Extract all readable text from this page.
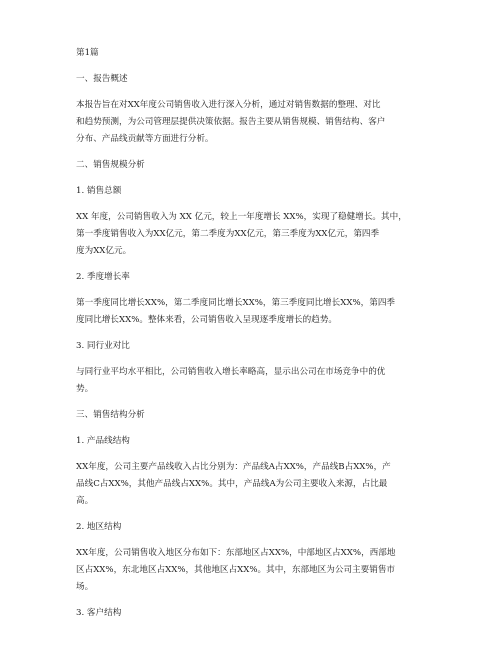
第1篇
一、报告概述
本报告旨在对XX年度公司销售收入进行深入分析，通过对销售数据的整理、对比
和趋势预测，为公司管理层提供决策依据。报告主要从销售规模、销售结构、客户
分布、产品线贡献等方面进行分析。
二、销售规模分析
1. 销售总额
XX 年度，公司销售收入为 XX 亿元，较上一年度增长 XX%，实现了稳健增长。其中，
第一季度销售收入为XX亿元，第二季度为XX亿元，第三季度为XX亿元，第四季
度为XX亿元。
2. 季度增长率
第一季度同比增长XX%，第二季度同比增长XX%，第三季度同比增长XX%，第四季
度同比增长XX%。整体来看，公司销售收入呈现逐季度增长的趋势。
3. 同行业对比
与同行业平均水平相比，公司销售收入增长率略高，显示出公司在市场竞争中的优
势。
三、销售结构分析
1. 产品线结构
XX年度，公司主要产品线收入占比分别为：产品线A占XX%，产品线B占XX%，产
品线C占XX%，其他产品线占XX%。其中，产品线A为公司主要收入来源，占比最
高。
2. 地区结构
XX年度，公司销售收入地区分布如下：东部地区占XX%，中部地区占XX%，西部地
区占XX%，东北地区占XX%，其他地区占XX%。其中，东部地区为公司主要销售市
场。
3. 客户结构
